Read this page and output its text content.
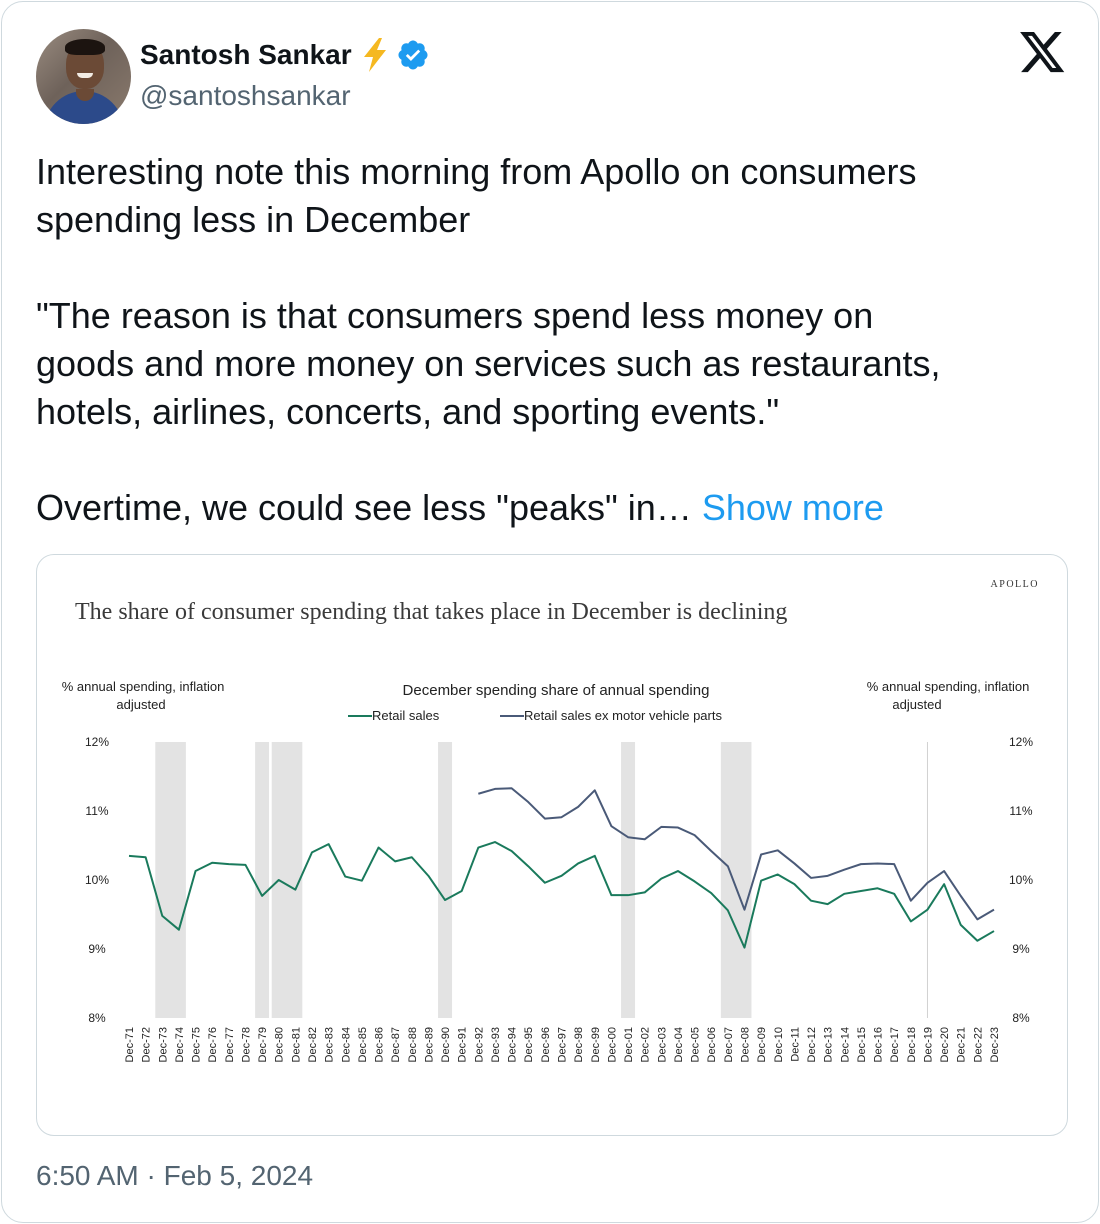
Santosh Sankar
@santoshsankar

Interesting note this morning from Apollo on consumers

spending less in December

"The reason is that consumers spend less money on

goods and more money on services such as restaurants,

hotels, airlines, concerts, and sporting events."

Overtime, we could see less "peaks" in… Show more

APOLLO
The share of consumer spending that takes place in December is declining
December spending share of annual spending
% annual spending, inflation
adjusted
% annual spending, inflation
adjusted
Retail sales	Retail sales ex motor vehicle parts
12%
11%
10%
9%
8%
12%
11%
10%
9%
8%
Dec-71 Dec-72 Dec-73 Dec-74 Dec-75 Dec-76 Dec-77 Dec-78 Dec-79 Dec-80 Dec-81 Dec-82 Dec-83 Dec-84 Dec-85 Dec-86 Dec-87 Dec-88 Dec-89 Dec-90 Dec-91 Dec-92 Dec-93 Dec-94 Dec-95 Dec-96 Dec-97 Dec-98 Dec-99 Dec-00 Dec-01 Dec-02 Dec-03 Dec-04 Dec-05 Dec-06 Dec-07 Dec-08 Dec-09 Dec-10 Dec-11 Dec-12 Dec-13 Dec-14 Dec-15 Dec-16 Dec-17 Dec-18 Dec-19 Dec-20 Dec-21 Dec-22 Dec-23
6:50 AM · Feb 5, 2024
